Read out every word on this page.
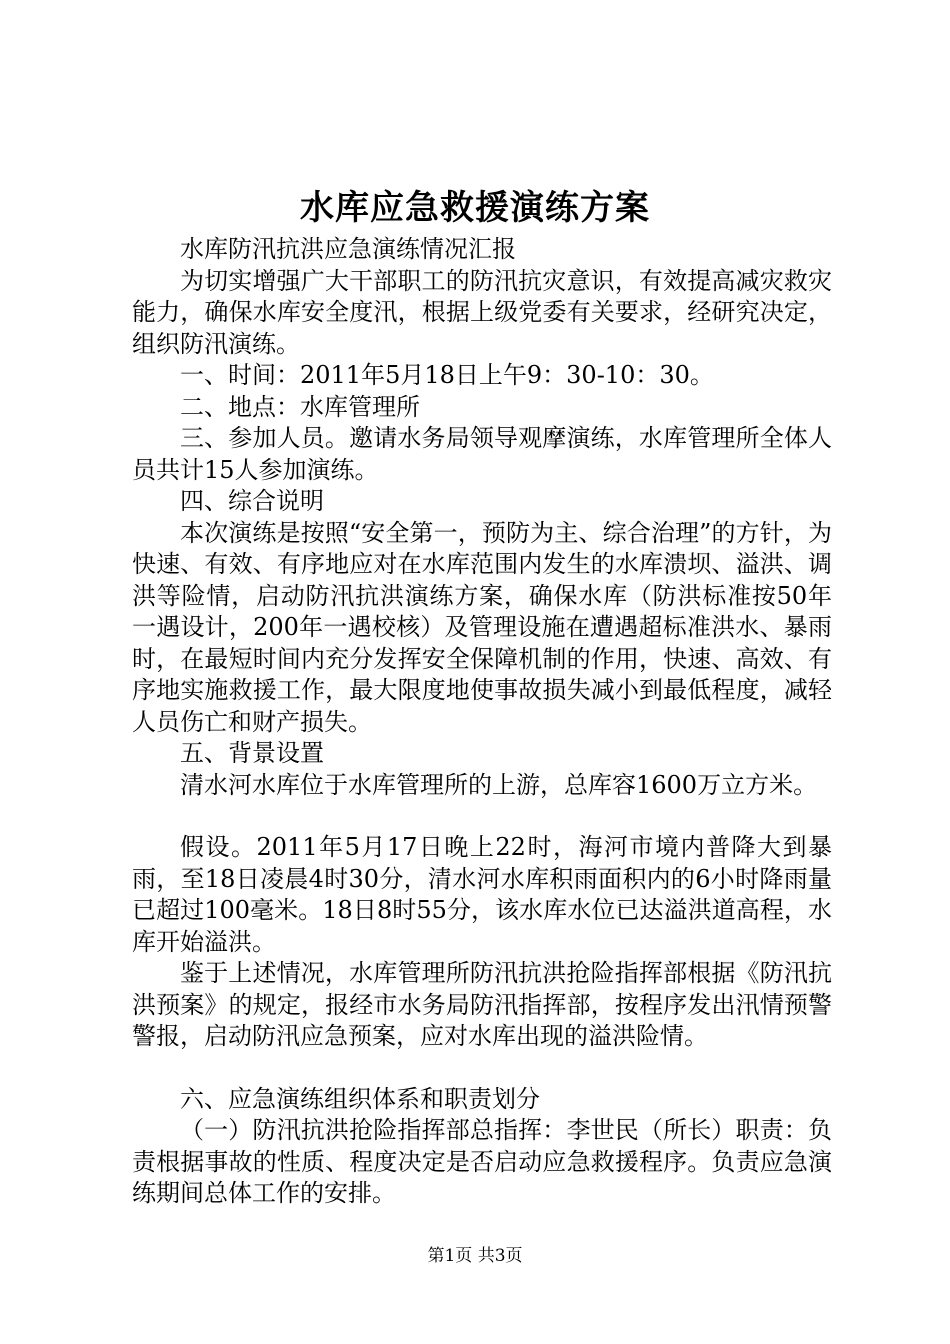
水库应急救援演练方案

水库防汛抗洪应急演练情况汇报

为切实增强广大干部职工的防汛抗灾意识，有效提高减灾救灾能力，确保水库安全度汛，根据上级党委有关要求，经研究决定，组织防汛演练。

一、时间：2011年5月18日上午9：30-10：30。

二、地点：水库管理所

三、参加人员。邀请水务局领导观摩演练，水库管理所全体人员共计15人参加演练。

四、综合说明

本次演练是按照“安全第一，预防为主、综合治理”的方针，为快速、有效、有序地应对在水库范围内发生的水库溃坝、溢洪、调洪等险情，启动防汛抗洪演练方案，确保水库（防洪标准按50年一遇设计，200年一遇校核）及管理设施在遭遇超标准洪水、暴雨时，在最短时间内充分发挥安全保障机制的作用，快速、高效、有序地实施救援工作，最大限度地使事故损失减小到最低程度，减轻人员伤亡和财产损失。

五、背景设置

清水河水库位于水库管理所的上游，总库容1600万立方米。

假设。2011年5月17日晚上22时，海河市境内普降大到暴雨，至18日凌晨4时30分，清水河水库积雨面积内的6小时降雨量已超过100毫米。18日8时55分，该水库水位已达溢洪道高程，水库开始溢洪。

鉴于上述情况，水库管理所防汛抗洪抢险指挥部根据《防汛抗洪预案》的规定，报经市水务局防汛指挥部，按程序发出汛情预警警报，启动防汛应急预案，应对水库出现的溢洪险情。

六、应急演练组织体系和职责划分

（一）防汛抗洪抢险指挥部总指挥：李世民（所长）职责：负责根据事故的性质、程度决定是否启动应急救援程序。负责应急演练期间总体工作的安排。

第1页 共3页
